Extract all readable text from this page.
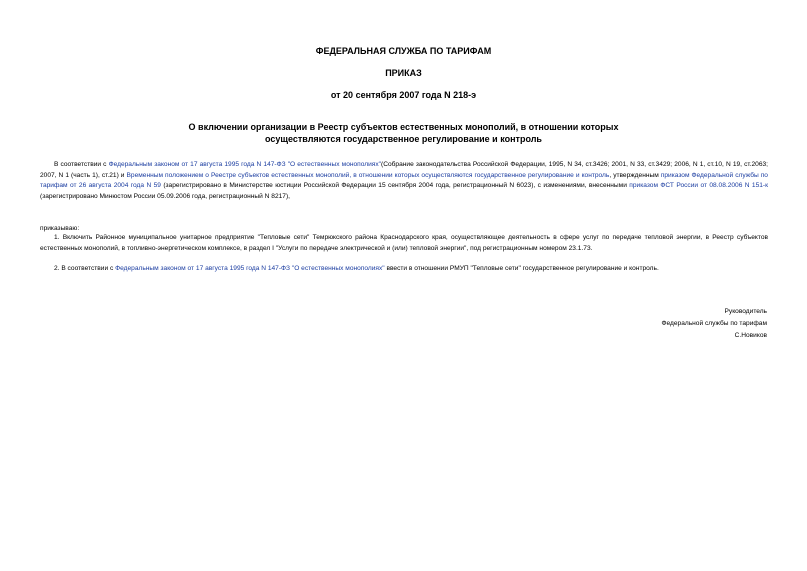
ФЕДЕРАЛЬНАЯ СЛУЖБА ПО ТАРИФАМ
ПРИКАЗ
от 20 сентября 2007 года N 218-э
О включении организации в Реестр субъектов естественных монополий, в отношении которых
осуществляются государственное регулирование и контроль
В соответствии с Федеральным законом от 17 августа 1995 года N 147-ФЗ "О естественных монополиях"(Собрание законодательства Российской Федерации, 1995, N 34, ст.3426; 2001, N 33, ст.3429; 2006, N 1, ст.10, N 19, ст.2063; 2007, N 1 (часть 1), ст.21) и Временным положением о Реестре субъектов естественных монополий, в отношении которых осуществляются государственное регулирование и контроль, утвержденным приказом Федеральной службы по тарифам от 26 августа 2004 года N 59 (зарегистрировано в Министерстве юстиции Российской Федерации 15 сентября 2004 года, регистрационный N 6023), с изменениями, внесенными приказом ФСТ России от 08.08.2006 N 151-к (зарегистрировано Минюстом России 05.09.2006 года, регистрационный N 8217),
приказываю:
1. Включить Районное муниципальное унитарное предприятие "Тепловые сети" Темрюкского района Краснодарского края, осуществляющее деятельность в сфере услуг по передаче тепловой энергии, в Реестр субъектов естественных монополий, в топливно-энергетическом комплексе, в раздел I "Услуги по передаче электрической и (или) тепловой энергии", под регистрационным номером 23.1.73.
2. В соответствии с Федеральным законом от 17 августа 1995 года N 147-ФЗ "О естественных монополиях" ввести в отношении РМУП "Тепловые сети" государственное регулирование и контроль.
Руководитель
Федеральной службы по тарифам
С.Новиков
